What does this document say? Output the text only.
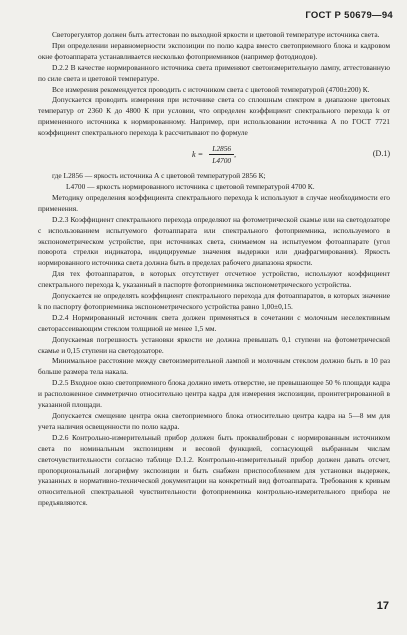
ГОСТ Р 50679—94

Светорегулятор должен быть аттестован по выходной яркости и цветовой температуре источника света.

При определении неравномерности экспозиции по полю кадра вместо светоприемного блока и кадровом окне фотоаппарата устанавливается несколько фотоприемников (например фотодиодов).

D.2.2 В качестве нормированного источника света применяют светоизмерительную лампу, аттестованную по силе света и цветовой температуре.

Все измерения рекомендуется проводить с источником света с цветовой температурой (4700±200) К.

Допускается проводить измерения при источнике света со сплошным спектром в диапазоне цветовых температур от 2360 К до 4800 К при условии, что определен коэффициент спектрального перехода k от примененного источника к нормированному. Например, при использовании источника А по ГОСТ 7721 коэффициент спектрального перехода k рассчитывают по формуле

$k = \frac{L2856}{L4700}$ ,	(D.1)

где L2856 — яркость источника А с цветовой температурой 2856 К;

L4700 — яркость нормированного источника с цветовой температурой 4700 К.

Методику определения коэффициента спектрального перехода k используют в случае необходимости его применения.

D.2.3 Коэффициент спектрального перехода определяют на фотометрической скамье или на светодозаторе с использованием испытуемого фотоаппарата или спектрального фотоприемника, используемого в экспонометрическом устройстве, при источниках света, снимаемом на испытуемом фотоаппарате (угол поворота стрелки индикатора, индицируемые значения выдержки или диафрагмирования). Яркость нормированного источника света должна быть в пределах рабочего диапазона яркости.

Для тех фотоаппаратов, в которых отсутствует отсчетное устройство, используют коэффициент спектрального перехода k, указанный в паспорте фотоприемника экспонометрического устройства.

Допускается не определять коэффициент спектрального перехода для фотоаппаратов, в которых значение k по паспорту фотоприемника экспонометрического устройства равно 1,00±0,15.

D.2.4 Нормированный источник света должен применяться в сочетании с молочным неселективным светорассеивающим стеклом толщиной не менее 1,5 мм.

Допускаемая погрешность установки яркости не должна превышать 0,1 ступени на фотометрической скамье и 0,15 ступени на светодозаторе.

Минимальное расстояние между светоизмерительной лампой и молочным стеклом должно быть в 10 раз больше размера тела накала.

D.2.5 Входное окно светоприемного блока должно иметь отверстие, не превышающее 50 % площади кадра и расположенное симметрично относительно центра кадра для измерения экспозиции, проинтегрированной в указанной площади.

Допускается смещение центра окна светоприемного блока относительно центра кадра на 5—8 мм для учета наличия освещенности по полю кадра.

D.2.6 Контрольно-измерительный прибор должен быть проквалиброван с нормированным источником света по номинальным экспозициям и весовой функцией, согласующей выбранным числам светочувствительности согласно таблице D.1.2. Контрольно-измерительный прибор должен давать отсчет, пропорциональный логарифму экспозиции и быть снабжен приспособлением для установки выдержек, указанных в нормативно-технической документации на конкретный вид фотоаппарата. Требования к кривым относительной спектральной чувствительности фотоприемника контрольно-измерительного прибора не предъявляются.

17
